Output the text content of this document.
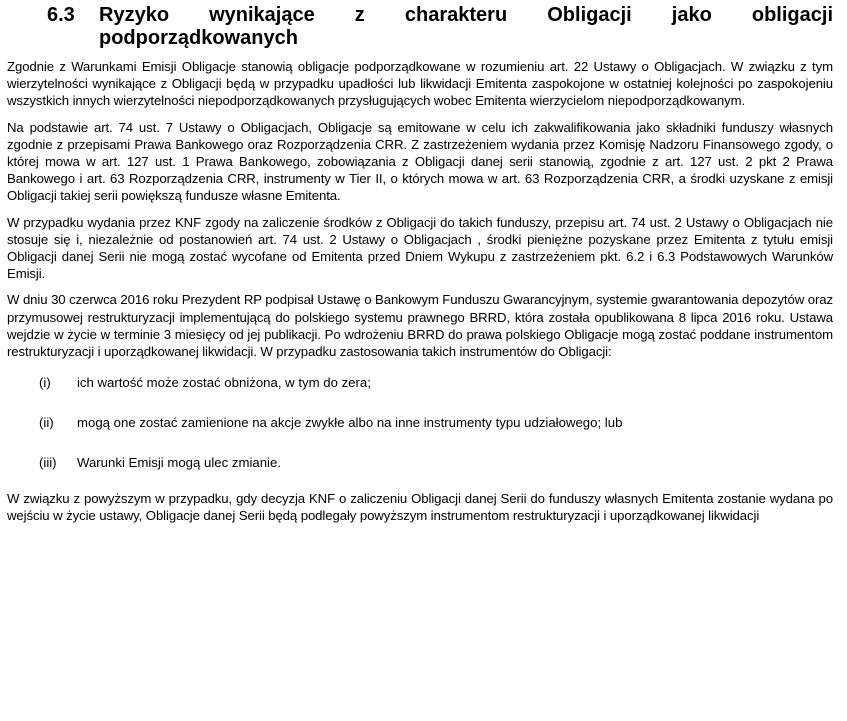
6.3	Ryzyko wynikające z charakteru Obligacji jako obligacji
podporządkowanych

Zgodnie z Warunkami Emisji Obligacje stanowią obligacje podporządkowane w rozumieniu art. 22 Ustawy o Obligacjach. W związku z tym wierzytelności wynikające z Obligacji będą w przypadku upadłości lub likwidacji Emitenta zaspokojone w ostatniej kolejności po zaspokojeniu wszystkich innych wierzytelności niepodporządkowanych przysługujących wobec Emitenta wierzycielom niepodporządkowanym.

Na podstawie art. 74 ust. 7 Ustawy o Obligacjach, Obligacje są emitowane w celu ich zakwalifikowania jako składniki funduszy własnych zgodnie z przepisami Prawa Bankowego oraz Rozporządzenia CRR. Z zastrzeżeniem wydania przez Komisję Nadzoru Finansowego zgody, o której mowa w art. 127 ust. 1 Prawa Bankowego, zobowiązania z Obligacji danej serii stanowią, zgodnie z art. 127 ust. 2 pkt 2 Prawa Bankowego i art. 63 Rozporządzenia CRR, instrumenty w Tier II, o których mowa w art. 63 Rozporządzenia CRR, a środki uzyskane z emisji Obligacji takiej serii powiększą fundusze własne Emitenta.

W przypadku wydania przez KNF zgody na zaliczenie środków z Obligacji do takich funduszy, przepisu art. 74 ust. 2 Ustawy o Obligacjach nie stosuje się i, niezależnie od postanowień art. 74 ust. 2 Ustawy o Obligacjach , środki pieniężne pozyskane przez Emitenta z tytułu emisji Obligacji danej Serii nie mogą zostać wycofane od Emitenta przed Dniem Wykupu z zastrzeżeniem pkt. 6.2 i 6.3 Podstawowych Warunków Emisji.

W dniu 30 czerwca 2016 roku Prezydent RP podpisał Ustawę o Bankowym Funduszu Gwarancyjnym, systemie gwarantowania depozytów oraz przymusowej restrukturyzacji implementującą do polskiego systemu prawnego BRRD, która została opublikowana 8 lipca 2016 roku. Ustawa wejdzie w życie w terminie 3 miesięcy od jej publikacji. Po wdrożeniu BRRD do prawa polskiego Obligacje mogą zostać poddane instrumentom restrukturyzacji i uporządkowanej likwidacji. W przypadku zastosowania takich instrumentów do Obligacji:

(i)	ich wartość może zostać obniżona, w tym do zera;
(ii)	mogą one zostać zamienione na akcje zwykłe albo na inne instrumenty typu udziałowego; lub
(iii)	Warunki Emisji mogą ulec zmianie.

W związku z powyższym w przypadku, gdy decyzja KNF o zaliczeniu Obligacji danej Serii do funduszy własnych Emitenta zostanie wydana po wejściu w życie ustawy, Obligacje danej Serii będą podlegały powyższym instrumentom restrukturyzacji i uporządkowanej likwidacji
